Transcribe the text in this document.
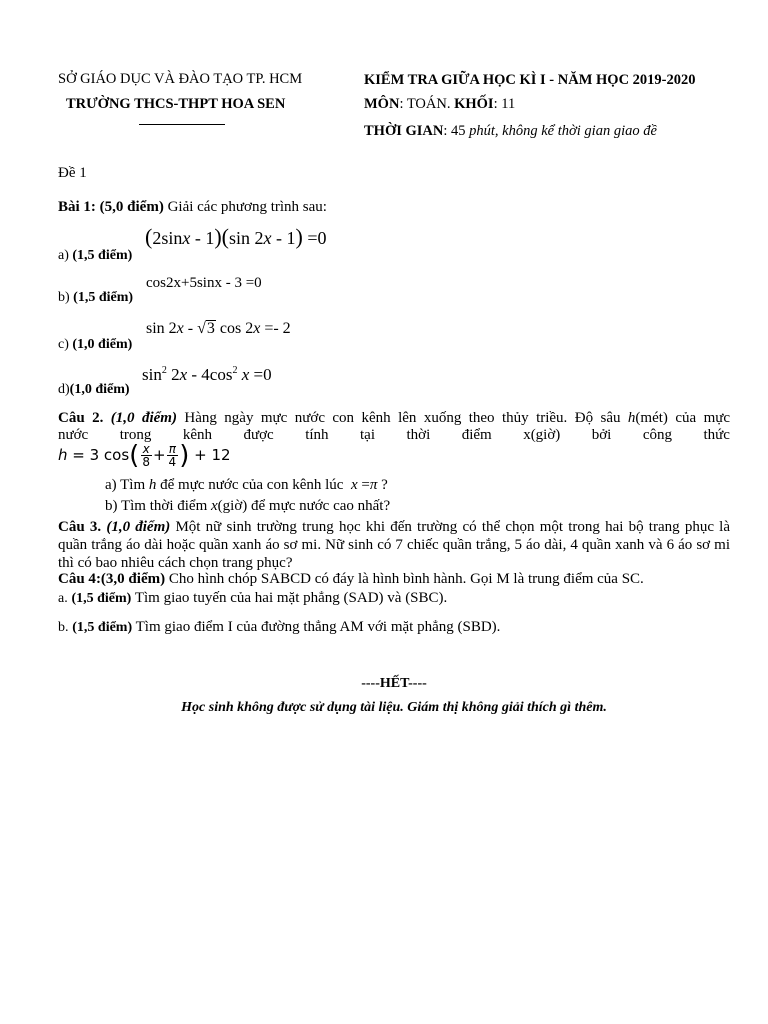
SỞ GIÁO DỤC VÀ ĐÀO TẠO TP. HCM
TRƯỜNG THCS-THPT HOA SEN
KIỂM TRA GIỮA HỌC KÌ I - NĂM HỌC 2019-2020
MÔN: TOÁN. KHỐI: 11
THỜI GIAN: 45 phút, không kể thời gian giao đề
Đề 1
Bài 1: (5,0 điểm) Giải các phương trình sau:
(2sinx - 1)(sin 2x - 1) =0
a) (1,5 điểm)
cos2x+5sinx - 3 =0
b) (1,5 điểm)
sin 2x - √3 cos 2x =- 2
c) (1,0 điểm)
$\sin^2 2x - 4\cos^2$ x =0
d)(1,0 điểm)
Câu 2. (1,0 điểm) Hàng ngày mực nước con kênh lên xuống theo thủy triều. Độ sâu h(mét) của mực
nước trong kênh được tính tại thời điểm x(giờ) bởi công thức
h = 3 $\cos( \frac{x}{8} + \frac{\pi}{4}$ ) + 12
a) Tìm h để mực nước của con kênh lúc x =π ?
b) Tìm thời điểm x(giờ) để mực nước cao nhất?
Câu 3. (1,0 điểm) Một nữ sinh trường trung học khi đến trường có thể chọn một trong hai bộ trang phục là quần trắng áo dài hoặc quần xanh áo sơ mi. Nữ sinh có 7 chiếc quần trắng, 5 áo dài, 4 quần xanh và 6 áo sơ mi thì có bao nhiêu cách chọn trang phục?
Câu 4:(3,0 điểm) Cho hình chóp SABCD có đáy là hình bình hành. Gọi M là trung điểm của SC.
a. (1,5 điểm) Tìm giao tuyến của hai mặt phẳng (SAD) và (SBC).
b. (1,5 điểm) Tìm giao điểm I của đường thẳng AM với mặt phẳng (SBD).
----HẾT----
Học sinh không được sử dụng tài liệu. Giám thị không giải thích gì thêm.
